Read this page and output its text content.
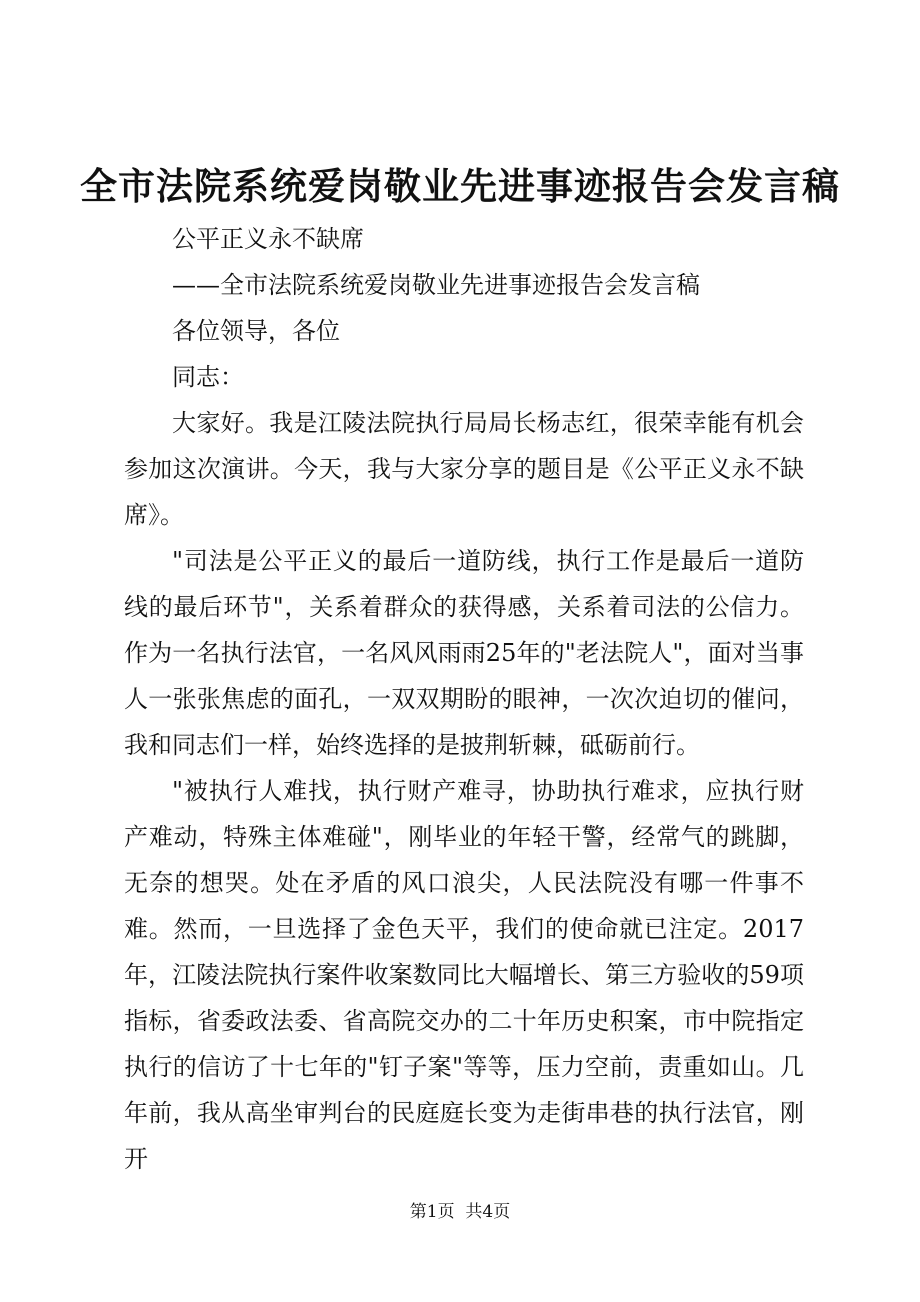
全市法院系统爱岗敬业先进事迹报告会发言稿

公平正义永不缺席

——全市法院系统爱岗敬业先进事迹报告会发言稿

各位领导，各位

同志：

大家好。我是江陵法院执行局局长杨志红，很荣幸能有机会参加这次演讲。今天，我与大家分享的题目是《公平正义永不缺席》。

"司法是公平正义的最后一道防线，执行工作是最后一道防线的最后环节"，关系着群众的获得感，关系着司法的公信力。作为一名执行法官，一名风风雨雨25年的"老法院人"，面对当事人一张张焦虑的面孔，一双双期盼的眼神，一次次迫切的催问，我和同志们一样，始终选择的是披荆斩棘，砥砺前行。

"被执行人难找，执行财产难寻，协助执行难求，应执行财产难动，特殊主体难碰"，刚毕业的年轻干警，经常气的跳脚，无奈的想哭。处在矛盾的风口浪尖，人民法院没有哪一件事不难。然而，一旦选择了金色天平，我们的使命就已注定。2017年，江陵法院执行案件收案数同比大幅增长、第三方验收的59项指标，省委政法委、省高院交办的二十年历史积案，市中院指定执行的信访了十七年的"钉子案"等等，压力空前，责重如山。几年前，我从高坐审判台的民庭庭长变为走街串巷的执行法官，刚开

第1页 共4页
